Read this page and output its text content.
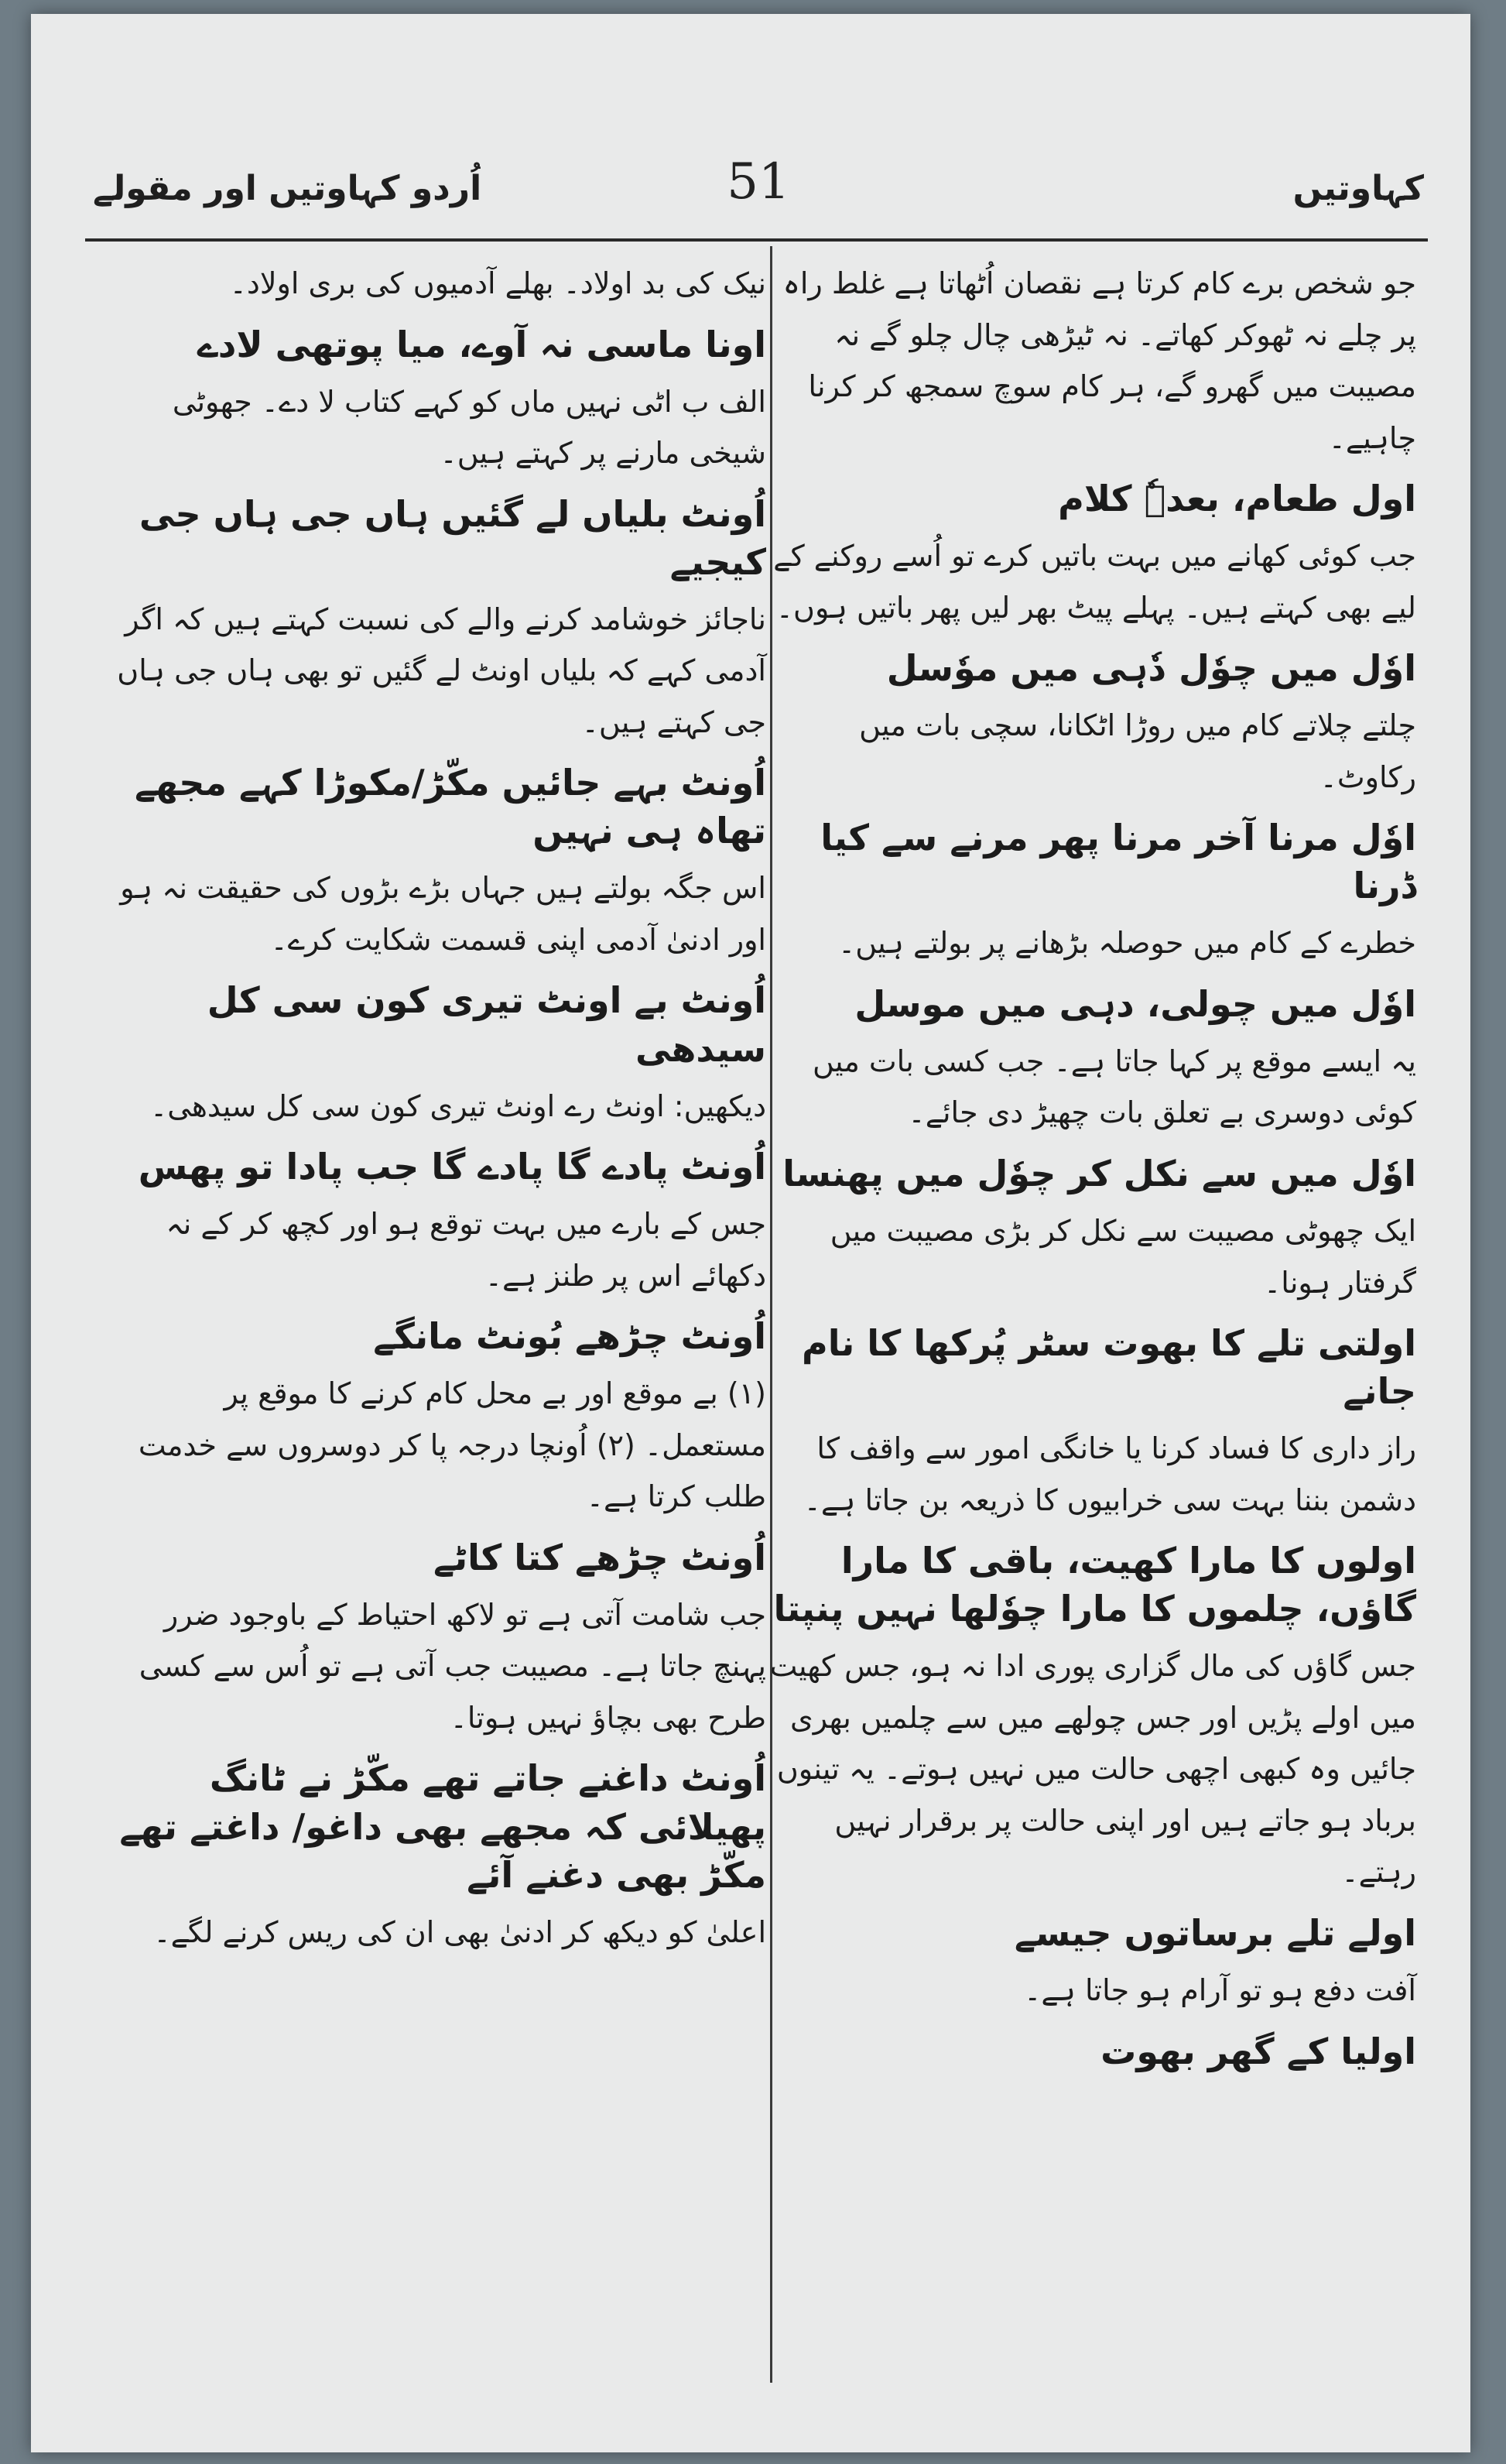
کہاوتیں
51
اُردو کہاوتیں اور مقولے
جو شخص برے کام کرتا ہے نقصان اُٹھاتا ہے غلط راہ پر چلے نہ ٹھوکر کھاتے۔ نہ ٹیڑھی چال چلو گے نہ مصیبت میں گھرو گے، ہر کام سوچ سمجھ کر کرنا چاہیے۔
اول طعام، بعدہٗ کلام
جب کوئی کھانے میں بہت باتیں کرے تو اُسے روکنے کے لیے بھی کہتے ہیں۔ پہلے پیٹ بھر لیں پھر باتیں ہوں۔
اوٗل میں چوٗل دٗہی میں موٗسل
چلتے چلاتے کام میں روڑا اٹکانا، سچی بات میں رکاوٹ۔
اوٗل مرنا آخر مرنا پھر مرنے سے کیا ڈرنا
خطرے کے کام میں حوصلہ بڑھانے پر بولتے ہیں۔
اوٗل میں چولی، دہی میں موسل
یہ ایسے موقع پر کہا جاتا ہے۔ جب کسی بات میں کوئی دوسری بے تعلق بات چھیڑ دی جائے۔
اوٗل میں سے نکل کر چوٗل میں پھنسا
ایک چھوٹی مصیبت سے نکل کر بڑی مصیبت میں گرفتار ہونا۔
اولتی تلے کا بھوت سٹر پُرکھا کا نام جانے
راز داری کا فساد کرنا یا خانگی امور سے واقف کا دشمن بننا بہت سی خرابیوں کا ذریعہ بن جاتا ہے۔
اولوں کا مارا کھیت، باقی کا مارا گاؤں، چلموں کا مارا چوٗلھا نہیں پنپتا
جس گاؤں کی مال گزاری پوری ادا نہ ہو، جس کھیت میں اولے پڑیں اور جس چولھے میں سے چلمیں بھری جائیں وہ کبھی اچھی حالت میں نہیں ہوتے۔ یہ تینوں برباد ہو جاتے ہیں اور اپنی حالت پر برقرار نہیں رہتے۔
اولے تلے برساتوں جیسے
آفت دفع ہو تو آرام ہو جاتا ہے۔
اولیا کے گھر بھوت
نیک کی بد اولاد۔ بھلے آدمیوں کی بری اولاد۔
اونا ماسی نہ آوے، میا پوتھی لادے
الف ب اٹی نہیں ماں کو کہے کتاب لا دے۔ جھوٹی شیخی مارنے پر کہتے ہیں۔
اُونٹ بلیاں لے گئیں ہاں جی ہاں جی کیجیے
ناجائز خوشامد کرنے والے کی نسبت کہتے ہیں کہ اگر آدمی کہے کہ بلیاں اونٹ لے گئیں تو بھی ہاں جی ہاں جی کہتے ہیں۔
اُونٹ بہے جائیں مکّڑ/مکوڑا کہے مجھے تھاہ ہی نہیں
اس جگہ بولتے ہیں جہاں بڑے بڑوں کی حقیقت نہ ہو اور ادنیٰ آدمی اپنی قسمت شکایت کرے۔
اُونٹ بے اونٹ تیری کون سی کل سیدھی
دیکھیں: اونٹ رے اونٹ تیری کون سی کل سیدھی۔
اُونٹ پادے گا پادے گا جب پادا تو پھس
جس کے بارے میں بہت توقع ہو اور کچھ کر کے نہ دکھائے اس پر طنز ہے۔
اُونٹ چڑھے بُونٹ مانگے
(۱) بے موقع اور بے محل کام کرنے کا موقع پر مستعمل۔ (۲) اُونچا درجہ پا کر دوسروں سے خدمت طلب کرتا ہے۔
اُونٹ چڑھے کتا کاٹے
جب شامت آتی ہے تو لاکھ احتیاط کے باوجود ضرر پہنچ جاتا ہے۔ مصیبت جب آتی ہے تو اُس سے کسی طرح بھی بچاؤ نہیں ہوتا۔
اُونٹ داغنے جاتے تھے مکّڑ نے ٹانگ پھیلائی کہ مجھے بھی داغو/ داغتے تھے مکّڑ بھی دغنے آئے
اعلیٰ کو دیکھ کر ادنیٰ بھی ان کی ریس کرنے لگے۔
